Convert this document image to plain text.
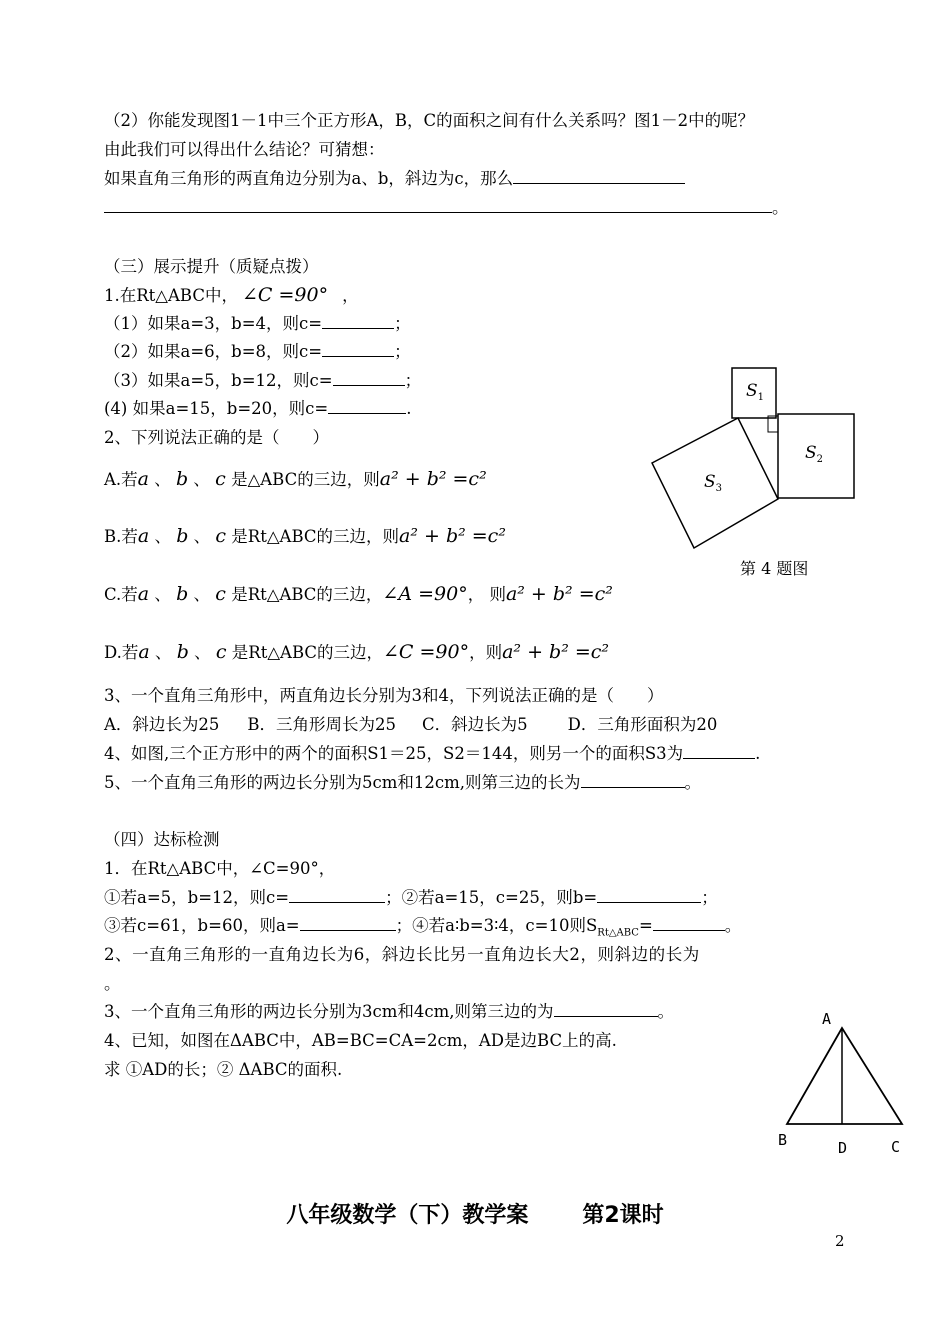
（2）你能发现图1－1中三个正方形A，B，C的面积之间有什么关系吗？图1－2中的呢？
由此我们可以得出什么结论？可猜想：
如果直角三角形的两直角边分别为a、b，斜边为c，那么
。
（三）展示提升（质疑点拨）
1.在Rt△ABC中， ∠C =90° ，
（1）如果a=3，b=4，则c=	；
（2）如果a=6，b=8，则c=	；
（3）如果a=5，b=12，则c=	；
(4) 如果a=15，b=20，则c=	.
2、下列说法正确的是（　　）
A.若a 、 b 、 c 是△ABC的三边，则a² + b² =c²
B.若a 、 b 、 c 是Rt△ABC的三边，则a² + b² =c²
C.若a 、 b 、 c 是Rt△ABC的三边，∠A =90°， 则a² + b² =c²
D.若a 、 b 、 c 是Rt△ABC的三边，∠C =90°，则a² + b² =c²
3、一个直角三角形中，两直角边长分别为3和4，下列说法正确的是（　　）
A．斜边长为25 B．三角形周长为25 C．斜边长为5 D．三角形面积为20
4、如图,三个正方形中的两个的面积S1＝25，S2＝144，则另一个的面积S3为	.
5、一个直角三角形的两边长分别为5cm和12cm,则第三边的长为	。
$S_1$
$S_2$
$S_3$
第 4 题图
（四）达标检测
1．在Rt△ABC中，∠C=90°，
①若a=5，b=12，则c=	；②若a=15，c=25，则b=	；
③若c=61，b=60，则a=	；④若a∶b=3∶4，c=10则$S_{Rt\triangle ABC}=$	。
2、一直角三角形的一直角边长为6，斜边长比另一直角边长大2，则斜边的长为
。
3、一个直角三角形的两边长分别为3cm和4cm,则第三边的为	。
4、已知，如图在ΔABC中，AB=BC=CA=2cm，AD是边BC上的高.
求 ①AD的长；② ΔABC的面积.
A
B	D	C
八年级数学（下）教学案 第2课时
2
